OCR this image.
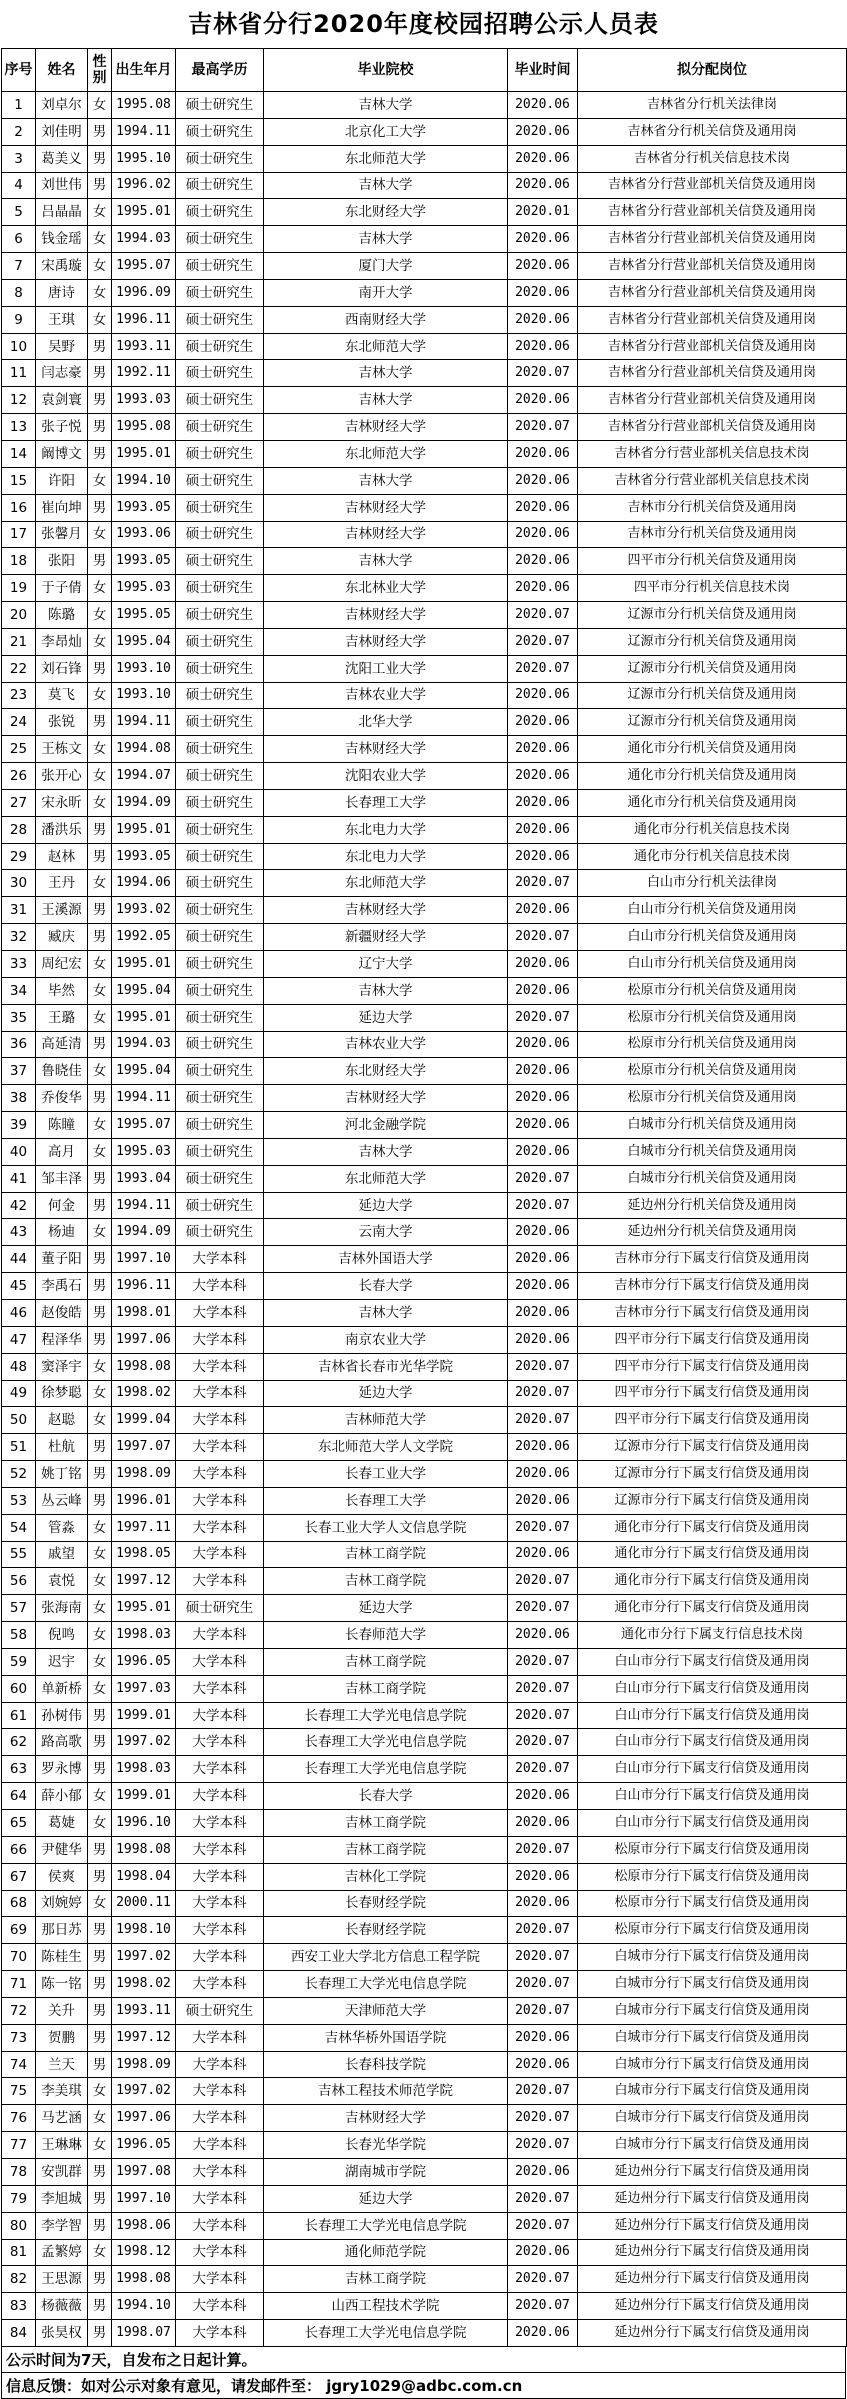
吉林省分行2020年度校园招聘公示人员表
序号	姓名	性别	出生年月	最高学历	毕业院校	毕业时间	拟分配岗位
1	刘卓尔	女	1995.08	硕士研究生	吉林大学	2020.06	吉林省分行机关法律岗
2	刘佳明	男	1994.11	硕士研究生	北京化工大学	2020.06	吉林省分行机关信贷及通用岗
3	葛美义	男	1995.10	硕士研究生	东北师范大学	2020.06	吉林省分行机关信息技术岗
4	刘世伟	男	1996.02	硕士研究生	吉林大学	2020.06	吉林省分行营业部机关信贷及通用岗
5	吕晶晶	女	1995.01	硕士研究生	东北财经大学	2020.01	吉林省分行营业部机关信贷及通用岗
6	钱金瑶	女	1994.03	硕士研究生	吉林大学	2020.06	吉林省分行营业部机关信贷及通用岗
7	宋禹璇	女	1995.07	硕士研究生	厦门大学	2020.06	吉林省分行营业部机关信贷及通用岗
8	唐诗	女	1996.09	硕士研究生	南开大学	2020.06	吉林省分行营业部机关信贷及通用岗
9	王琪	女	1996.11	硕士研究生	西南财经大学	2020.06	吉林省分行营业部机关信贷及通用岗
10	吴野	男	1993.11	硕士研究生	东北师范大学	2020.06	吉林省分行营业部机关信贷及通用岗
11	闫志豪	男	1992.11	硕士研究生	吉林大学	2020.07	吉林省分行营业部机关信贷及通用岗
12	袁剑寰	男	1993.03	硕士研究生	吉林大学	2020.06	吉林省分行营业部机关信贷及通用岗
13	张子悦	男	1995.08	硕士研究生	吉林财经大学	2020.07	吉林省分行营业部机关信贷及通用岗
14	阚博文	男	1995.01	硕士研究生	东北师范大学	2020.06	吉林省分行营业部机关信息技术岗
15	许阳	女	1994.10	硕士研究生	吉林大学	2020.06	吉林省分行营业部机关信息技术岗
16	崔向坤	男	1993.05	硕士研究生	吉林财经大学	2020.06	吉林市分行机关信贷及通用岗
17	张馨月	女	1993.06	硕士研究生	吉林财经大学	2020.06	吉林市分行机关信贷及通用岗
18	张阳	男	1993.05	硕士研究生	吉林大学	2020.06	四平市分行机关信贷及通用岗
19	于子倩	女	1995.03	硕士研究生	东北林业大学	2020.06	四平市分行机关信息技术岗
20	陈璐	女	1995.05	硕士研究生	吉林财经大学	2020.07	辽源市分行机关信贷及通用岗
21	李昂灿	女	1995.04	硕士研究生	吉林财经大学	2020.07	辽源市分行机关信贷及通用岗
22	刘石锋	男	1993.10	硕士研究生	沈阳工业大学	2020.07	辽源市分行机关信贷及通用岗
23	莫飞	女	1993.10	硕士研究生	吉林农业大学	2020.06	辽源市分行机关信贷及通用岗
24	张锐	男	1994.11	硕士研究生	北华大学	2020.06	辽源市分行机关信贷及通用岗
25	王栋文	女	1994.08	硕士研究生	吉林财经大学	2020.06	通化市分行机关信贷及通用岗
26	张开心	女	1994.07	硕士研究生	沈阳农业大学	2020.06	通化市分行机关信贷及通用岗
27	宋永昕	女	1994.09	硕士研究生	长春理工大学	2020.06	通化市分行机关信贷及通用岗
28	潘洪乐	男	1995.01	硕士研究生	东北电力大学	2020.06	通化市分行机关信息技术岗
29	赵林	男	1993.05	硕士研究生	东北电力大学	2020.06	通化市分行机关信息技术岗
30	王丹	女	1994.06	硕士研究生	东北师范大学	2020.07	白山市分行机关法律岗
31	王溪源	男	1993.02	硕士研究生	吉林财经大学	2020.06	白山市分行机关信贷及通用岗
32	臧庆	男	1992.05	硕士研究生	新疆财经大学	2020.07	白山市分行机关信贷及通用岗
33	周纪宏	女	1995.01	硕士研究生	辽宁大学	2020.06	白山市分行机关信贷及通用岗
34	毕然	女	1995.04	硕士研究生	吉林大学	2020.06	松原市分行机关信贷及通用岗
35	王璐	女	1995.01	硕士研究生	延边大学	2020.07	松原市分行机关信贷及通用岗
36	高延清	男	1994.03	硕士研究生	吉林农业大学	2020.06	松原市分行机关信贷及通用岗
37	鲁晓佳	女	1995.04	硕士研究生	东北财经大学	2020.06	松原市分行机关信贷及通用岗
38	乔俊华	男	1994.11	硕士研究生	吉林财经大学	2020.06	松原市分行机关信贷及通用岗
39	陈瞳	女	1995.07	硕士研究生	河北金融学院	2020.06	白城市分行机关信贷及通用岗
40	高月	女	1995.03	硕士研究生	吉林大学	2020.06	白城市分行机关信贷及通用岗
41	邹丰泽	男	1993.04	硕士研究生	东北师范大学	2020.07	白城市分行机关信贷及通用岗
42	何金	男	1994.11	硕士研究生	延边大学	2020.07	延边州分行机关信贷及通用岗
43	杨迪	女	1994.09	硕士研究生	云南大学	2020.06	延边州分行机关信贷及通用岗
44	董子阳	男	1997.10	大学本科	吉林外国语大学	2020.06	吉林市分行下属支行信贷及通用岗
45	李禹石	男	1996.11	大学本科	长春大学	2020.06	吉林市分行下属支行信贷及通用岗
46	赵俊皓	男	1998.01	大学本科	吉林大学	2020.06	吉林市分行下属支行信贷及通用岗
47	程泽华	男	1997.06	大学本科	南京农业大学	2020.06	四平市分行下属支行信贷及通用岗
48	窦泽宇	女	1998.08	大学本科	吉林省长春市光华学院	2020.07	四平市分行下属支行信贷及通用岗
49	徐梦聪	女	1998.02	大学本科	延边大学	2020.07	四平市分行下属支行信贷及通用岗
50	赵聪	女	1999.04	大学本科	吉林师范大学	2020.07	四平市分行下属支行信贷及通用岗
51	杜航	男	1997.07	大学本科	东北师范大学人文学院	2020.06	辽源市分行下属支行信贷及通用岗
52	姚丁铭	男	1998.09	大学本科	长春工业大学	2020.06	辽源市分行下属支行信贷及通用岗
53	丛云峰	男	1996.01	大学本科	长春理工大学	2020.06	辽源市分行下属支行信贷及通用岗
54	管淼	女	1997.11	大学本科	长春工业大学人文信息学院	2020.07	通化市分行下属支行信贷及通用岗
55	戚望	女	1998.05	大学本科	吉林工商学院	2020.06	通化市分行下属支行信贷及通用岗
56	袁悦	女	1997.12	大学本科	吉林工商学院	2020.07	通化市分行下属支行信贷及通用岗
57	张海南	女	1995.01	硕士研究生	延边大学	2020.07	通化市分行下属支行信贷及通用岗
58	倪鸣	女	1998.03	大学本科	长春师范大学	2020.06	通化市分行下属支行信息技术岗
59	迟宇	女	1996.05	大学本科	吉林工商学院	2020.07	白山市分行下属支行信贷及通用岗
60	单新桥	女	1997.03	大学本科	吉林工商学院	2020.07	白山市分行下属支行信贷及通用岗
61	孙树伟	男	1999.01	大学本科	长春理工大学光电信息学院	2020.07	白山市分行下属支行信贷及通用岗
62	路高歌	男	1997.02	大学本科	长春理工大学光电信息学院	2020.07	白山市分行下属支行信贷及通用岗
63	罗永博	男	1998.03	大学本科	长春理工大学光电信息学院	2020.07	白山市分行下属支行信贷及通用岗
64	薛小郁	女	1999.01	大学本科	长春大学	2020.06	白山市分行下属支行信贷及通用岗
65	葛婕	女	1996.10	大学本科	吉林工商学院	2020.06	白山市分行下属支行信贷及通用岗
66	尹健华	男	1998.08	大学本科	吉林工商学院	2020.07	松原市分行下属支行信贷及通用岗
67	侯爽	男	1998.04	大学本科	吉林化工学院	2020.06	松原市分行下属支行信贷及通用岗
68	刘婉婷	女	2000.11	大学本科	长春财经学院	2020.06	松原市分行下属支行信贷及通用岗
69	那日苏	男	1998.10	大学本科	长春财经学院	2020.07	松原市分行下属支行信贷及通用岗
70	陈桂生	男	1997.02	大学本科	西安工业大学北方信息工程学院	2020.07	白城市分行下属支行信贷及通用岗
71	陈一铭	男	1998.02	大学本科	长春理工大学光电信息学院	2020.07	白城市分行下属支行信贷及通用岗
72	关升	男	1993.11	硕士研究生	天津师范大学	2020.07	白城市分行下属支行信贷及通用岗
73	贺鹏	男	1997.12	大学本科	吉林华桥外国语学院	2020.06	白城市分行下属支行信贷及通用岗
74	兰天	男	1998.09	大学本科	长春科技学院	2020.06	白城市分行下属支行信贷及通用岗
75	李美琪	女	1997.02	大学本科	吉林工程技术师范学院	2020.07	白城市分行下属支行信贷及通用岗
76	马艺涵	女	1997.06	大学本科	吉林财经大学	2020.07	白城市分行下属支行信贷及通用岗
77	王琳琳	女	1996.05	大学本科	长春光华学院	2020.07	白城市分行下属支行信贷及通用岗
78	安凯群	男	1997.08	大学本科	湖南城市学院	2020.06	延边州分行下属支行信贷及通用岗
79	李旭城	男	1997.10	大学本科	延边大学	2020.07	延边州分行下属支行信贷及通用岗
80	李学智	男	1998.06	大学本科	长春理工大学光电信息学院	2020.07	延边州分行下属支行信贷及通用岗
81	孟繁婷	女	1998.12	大学本科	通化师范学院	2020.06	延边州分行下属支行信贷及通用岗
82	王思源	男	1998.08	大学本科	吉林工商学院	2020.07	延边州分行下属支行信贷及通用岗
83	杨薇薇	男	1994.10	大学本科	山西工程技术学院	2020.07	延边州分行下属支行信贷及通用岗
84	张昊权	男	1998.07	大学本科	长春理工大学光电信息学院	2020.06	延边州分行下属支行信贷及通用岗
公示时间为7天，自发布之日起计算。
信息反馈：如对公示对象有意见，请发邮件至： jgry1029@adbc.com.cn
